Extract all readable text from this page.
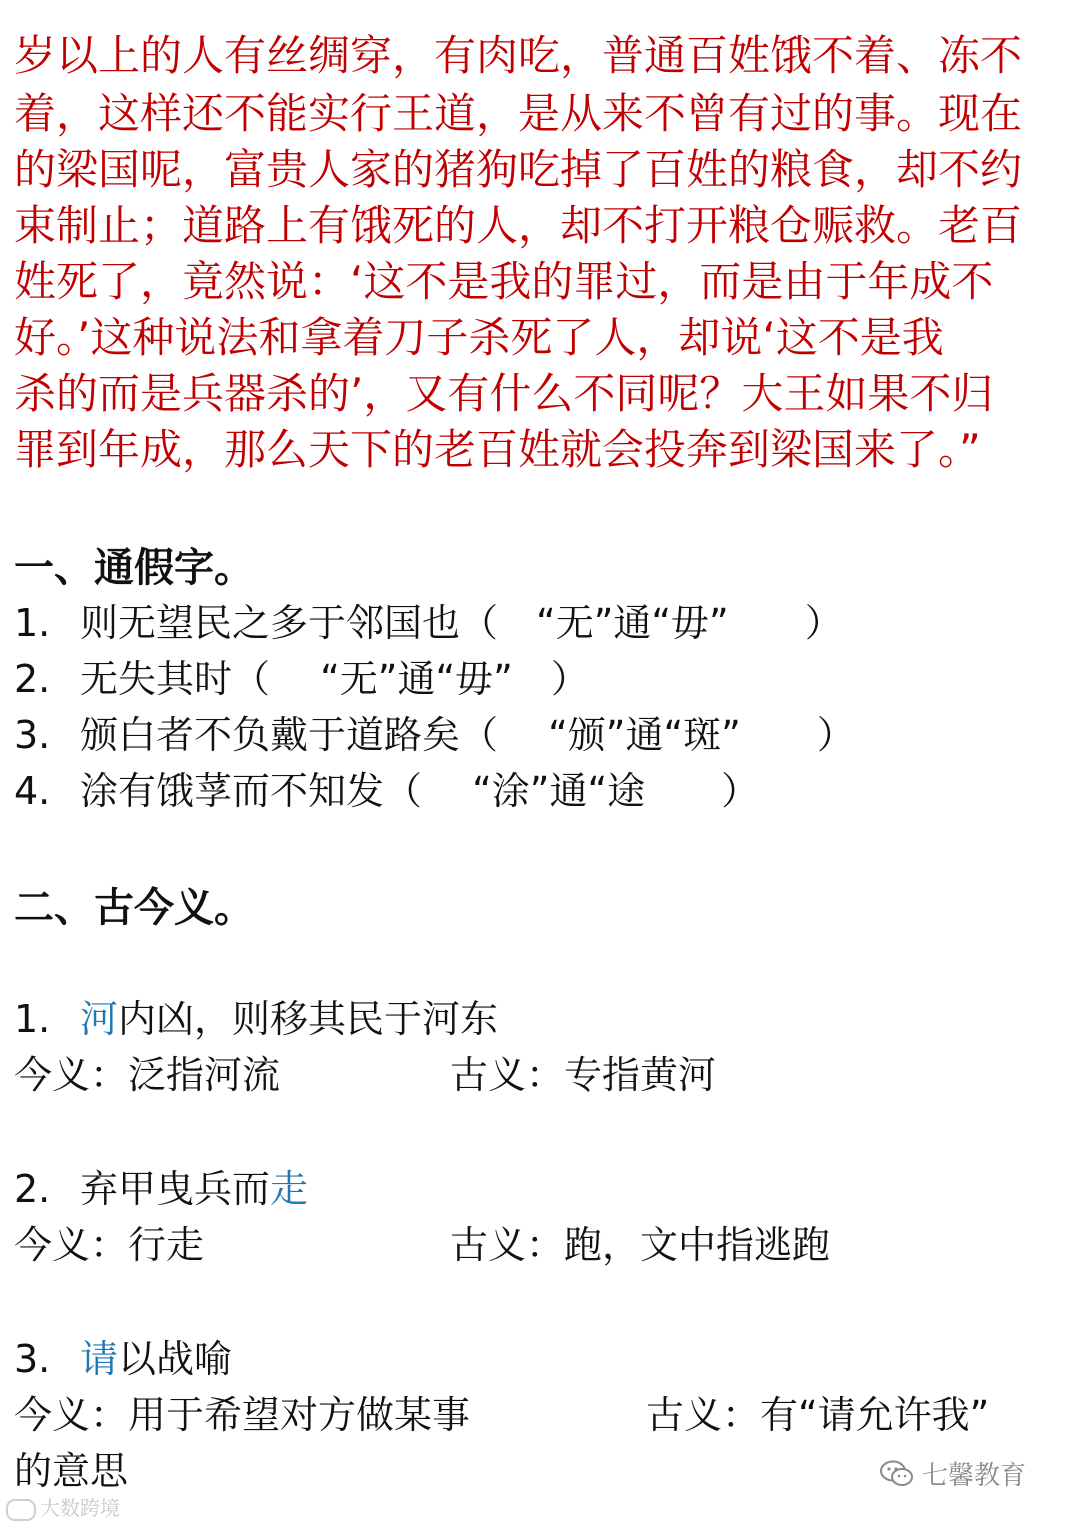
岁以上的人有丝绸穿，有肉吃，普通百姓饿不着、冻不
着，这样还不能实行王道，是从来不曾有过的事。现在
的梁国呢，富贵人家的猪狗吃掉了百姓的粮食，却不约
束制止；道路上有饿死的人，却不打开粮仓赈救。老百
姓死了，竟然说：‘这不是我的罪过，而是由于年成不
好。’这种说法和拿着刀子杀死了人，却说‘这不是我
杀的而是兵器杀的’，又有什么不同呢？大王如果不归
罪到年成，那么天下的老百姓就会投奔到梁国来了。”
一、通假字。
1. 则无望民之多于邻国也（　“无”通“毋”　　）
2. 无失其时（　 “无”通“毋”　）
3. 颁白者不负戴于道路矣（　 “颁”通“斑”　　）
4. 涂有饿莩而不知发（　 “涂”通“途　　）
二、古今义。
1. 河内凶，则移其民于河东
今义：泛指河流	古义：专指黄河
2. 弃甲曳兵而走
今义：行走	古义：跑，文中指逃跑
3. 请以战喻
今义：用于希望对方做某事	古义：有“请允许我”
的意思
大数跨境
七馨教育
